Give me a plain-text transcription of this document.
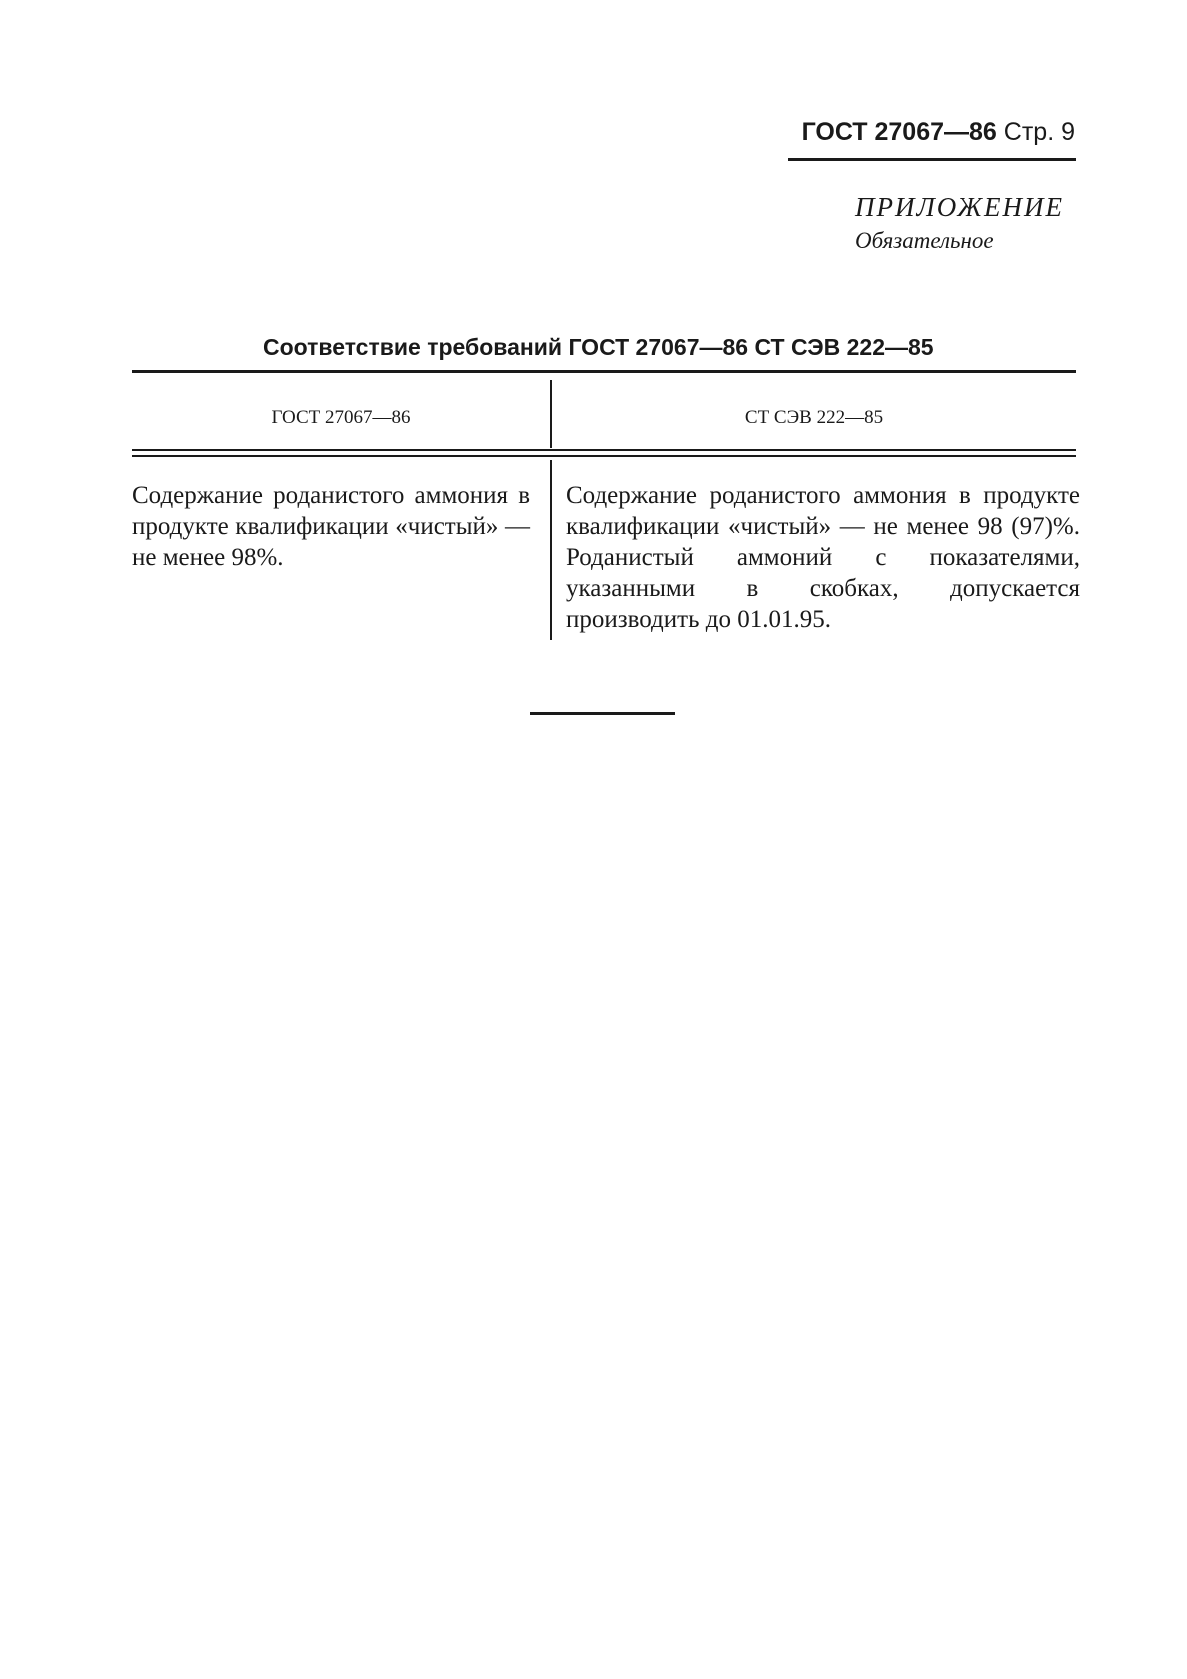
ГОСТ 27067—86 Стр. 9
ПРИЛОЖЕНИЕ
Обязательное
Соответствие требований ГОСТ 27067—86 СТ СЭВ 222—85
ГОСТ 27067—86	СТ СЭВ 222—85
Содержание роданистого аммония в продукте квалификации «чистый» — не менее 98%.
Содержание роданистого аммония в продукте квалификации «чистый» — не менее 98 (97)%. Роданистый аммоний с показателями, указанными в скобках, допускается производить до 01.01.95.
